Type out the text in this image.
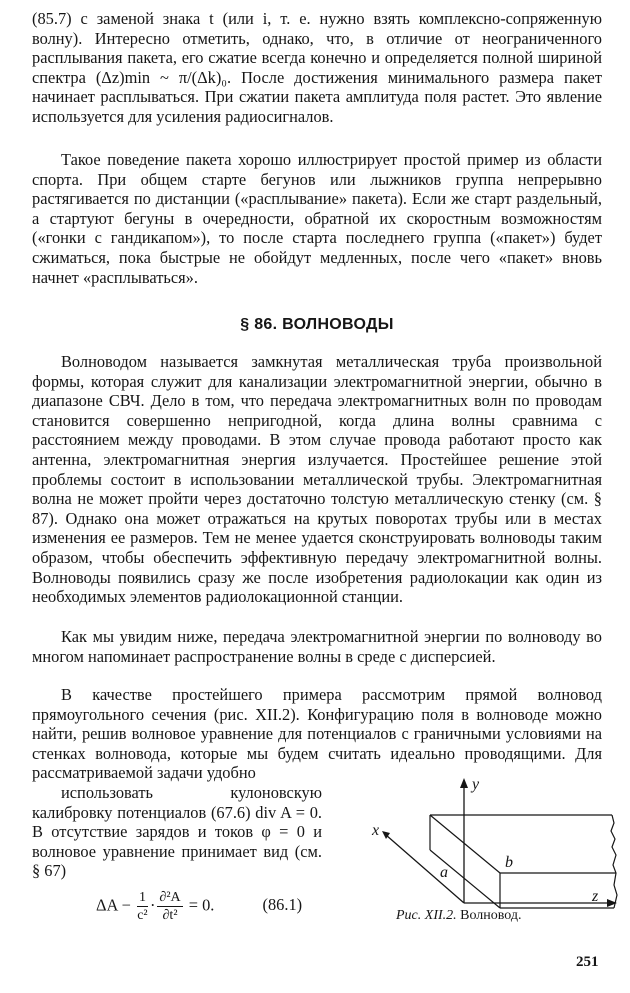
(85.7) с заменой знака t (или i, т. е. нужно взять комплексно-сопряженную волну). Интересно отметить, однако, что, в отличие от неограниченного расплывания пакета, его сжатие всегда конечно и определяется полной шириной спектра (Δz)min ~ π/(Δk)₀. После достижения минимального размера пакет начинает расплываться. При сжатии пакета амплитуда поля растет. Это явление используется для усиления радиосигналов.

Такое поведение пакета хорошо иллюстрирует простой пример из области спорта. При общем старте бегунов или лыжников группа непрерывно растягивается по дистанции («расплывание» пакета). Если же старт раздельный, а стартуют бегуны в очередности, обратной их скоростным возможностям («гонки с гандикапом»), то после старта последнего группа («пакет») будет сжиматься, пока быстрые не обойдут медленных, после чего «пакет» вновь начнет «расплываться».

§ 86. ВОЛНОВОДЫ

Волноводом называется замкнутая металлическая труба произвольной формы, которая служит для канализации электромагнитной энергии, обычно в диапазоне СВЧ. Дело в том, что передача электромагнитных волн по проводам становится совершенно непригодной, когда длина волны сравнима с расстоянием между проводами. В этом случае провода работают просто как антенна, электромагнитная энергия излучается. Простейшее решение этой проблемы состоит в использовании металлической трубы. Электромагнитная волна не может пройти через достаточно толстую металлическую стенку (см. § 87). Однако она может отражаться на крутых поворотах трубы или в местах изменения ее размеров. Тем не менее удается сконструировать волноводы таким образом, чтобы обеспечить эффективную передачу электромагнитной волны. Волноводы появились сразу же после изобретения радиолокации как один из необходимых элементов радиолокационной станции.

Как мы увидим ниже, передача электромагнитной энергии по волноводу во многом напоминает распространение волны в среде с дисперсией.

В качестве простейшего примера рассмотрим прямой волновод прямоугольного сечения (рис. XII.2). Конфигурацию поля в волноводе можно найти, решив волновое уравнение для потенциалов с граничными условиями на стенках волновода, которые мы будем считать идеально проводящими. Для рассматриваемой задачи удобно
использовать кулоновскую калибровку потенциалов (67.6) div A = 0. В отсутствие зарядов и токов φ = 0 и волновое уравнение принимает вид (см. § 67)
$\Delta A - \frac{1}{\text{c²}} \cdot \frac{\text{∂²A}}{\text{∂t²}} = 0$.	(86.1)
y
x
z
a
b
Рис. XII.2. Волновод.
251
